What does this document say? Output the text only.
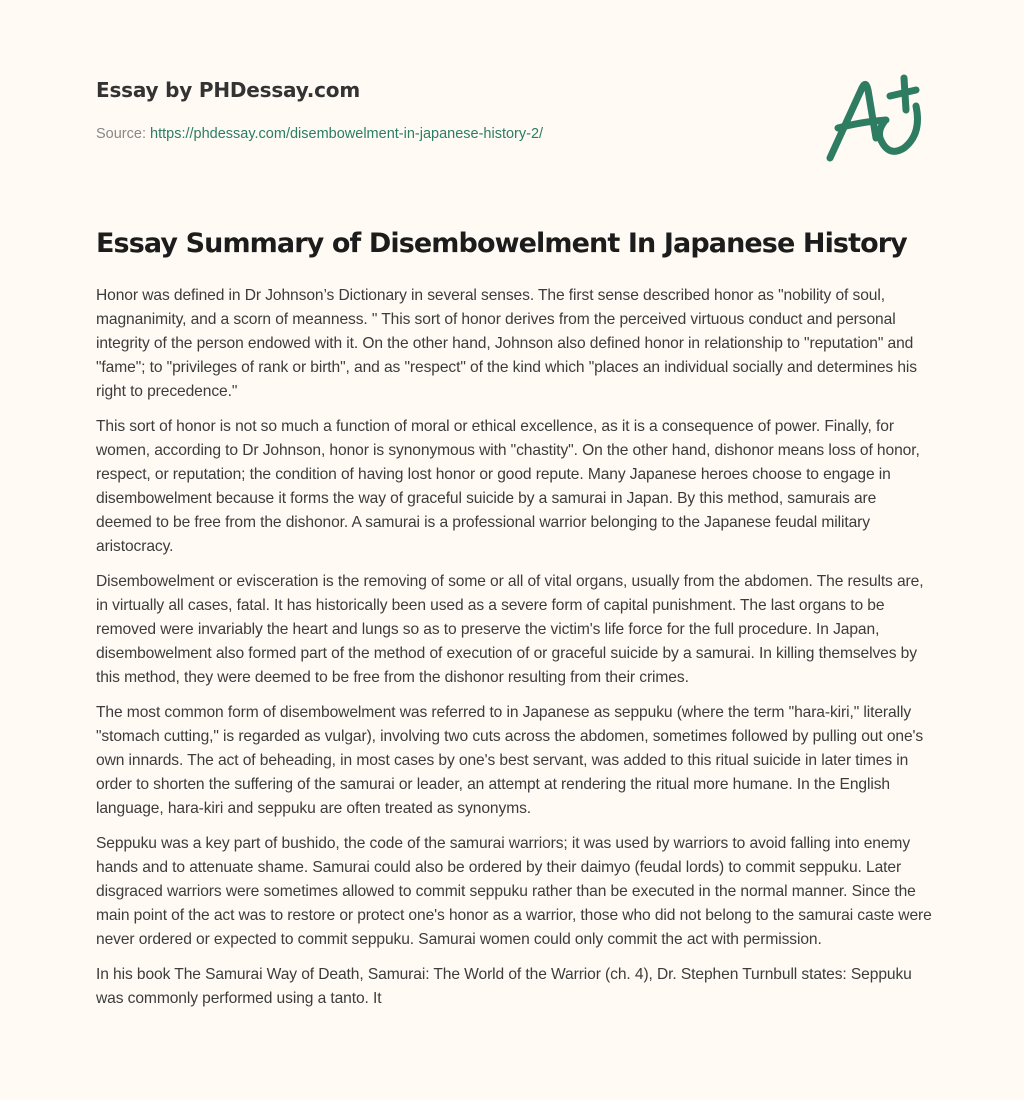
Essay by PHDessay.com
Source: https://phdessay.com/disembowelment-in-japanese-history-2/
Essay Summary of Disembowelment In Japanese History

Honor was defined in Dr Johnson’s Dictionary in several senses. The first sense described honor as "nobility of soul, magnanimity, and a scorn of meanness. " This sort of honor derives from the perceived virtuous conduct and personal integrity of the person endowed with it. On the other hand, Johnson also defined honor in relationship to "reputation" and "fame"; to "privileges of rank or birth", and as "respect" of the kind which "places an individual socially and determines his right to precedence."

This sort of honor is not so much a function of moral or ethical excellence, as it is a consequence of power. Finally, for women, according to Dr Johnson, honor is synonymous with "chastity". On the other hand, dishonor means loss of honor, respect, or reputation; the condition of having lost honor or good repute. Many Japanese heroes choose to engage in disembowelment because it forms the way of graceful suicide by a samurai in Japan. By this method, samurais are deemed to be free from the dishonor. A samurai is a professional warrior belonging to the Japanese feudal military aristocracy.

Disembowelment or evisceration is the removing of some or all of vital organs, usually from the abdomen. The results are, in virtually all cases, fatal. It has historically been used as a severe form of capital punishment. The last organs to be removed were invariably the heart and lungs so as to preserve the victim's life force for the full procedure. In Japan, disembowelment also formed part of the method of execution of or graceful suicide by a samurai. In killing themselves by this method, they were deemed to be free from the dishonor resulting from their crimes.

The most common form of disembowelment was referred to in Japanese as seppuku (where the term "hara-kiri," literally "stomach cutting," is regarded as vulgar), involving two cuts across the abdomen, sometimes followed by pulling out one's own innards. The act of beheading, in most cases by one's best servant, was added to this ritual suicide in later times in order to shorten the suffering of the samurai or leader, an attempt at rendering the ritual more humane. In the English language, hara-kiri and seppuku are often treated as synonyms.

Seppuku was a key part of bushido, the code of the samurai warriors; it was used by warriors to avoid falling into enemy hands and to attenuate shame. Samurai could also be ordered by their daimyo (feudal lords) to commit seppuku. Later disgraced warriors were sometimes allowed to commit seppuku rather than be executed in the normal manner. Since the main point of the act was to restore or protect one's honor as a warrior, those who did not belong to the samurai caste were never ordered or expected to commit seppuku. Samurai women could only commit the act with permission.

In his book The Samurai Way of Death, Samurai: The World of the Warrior (ch. 4), Dr. Stephen Turnbull states: Seppuku was commonly performed using a tanto. It
